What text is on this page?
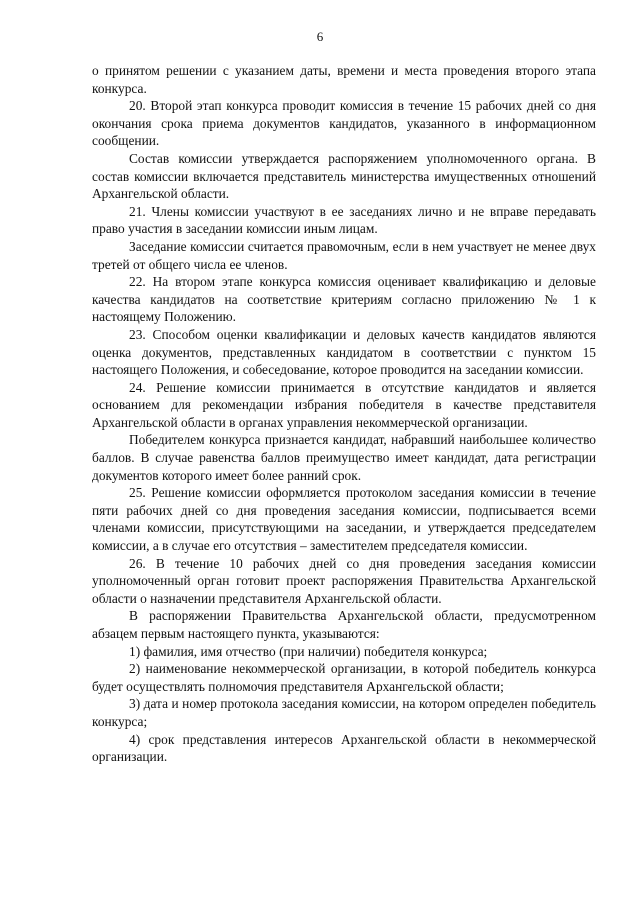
6

о принятом решении с указанием даты, времени и места проведения второго этапа конкурса.

20. Второй этап конкурса проводит комиссия в течение 15 рабочих дней со дня окончания срока приема документов кандидатов, указанного в информационном сообщении.

Состав комиссии утверждается распоряжением уполномоченного органа. В состав комиссии включается представитель министерства имущественных отношений Архангельской области.

21. Члены комиссии участвуют в ее заседаниях лично и не вправе передавать право участия в заседании комиссии иным лицам.

Заседание комиссии считается правомочным, если в нем участвует не менее двух третей от общего числа ее членов.

22. На втором этапе конкурса комиссия оценивает квалификацию и деловые качества кандидатов на соответствие критериям согласно приложению № 1 к настоящему Положению.

23. Способом оценки квалификации и деловых качеств кандидатов являются оценка документов, представленных кандидатом в соответствии с пунктом 15 настоящего Положения, и собеседование, которое проводится на заседании комиссии.

24. Решение комиссии принимается в отсутствие кандидатов и является основанием для рекомендации избрания победителя в качестве представителя Архангельской области в органах управления некоммерческой организации.

Победителем конкурса признается кандидат, набравший наибольшее количество баллов. В случае равенства баллов преимущество имеет кандидат, дата регистрации документов которого имеет более ранний срок.

25. Решение комиссии оформляется протоколом заседания комиссии в течение пяти рабочих дней со дня проведения заседания комиссии, подписывается всеми членами комиссии, присутствующими на заседании, и утверждается председателем комиссии, а в случае его отсутствия – заместителем председателя комиссии.

26. В течение 10 рабочих дней со дня проведения заседания комиссии уполномоченный орган готовит проект распоряжения Правительства Архангельской области о назначении представителя Архангельской области.

В распоряжении Правительства Архангельской области, предусмотренном абзацем первым настоящего пункта, указываются:

1) фамилия, имя отчество (при наличии) победителя конкурса;

2) наименование некоммерческой организации, в которой победитель конкурса будет осуществлять полномочия представителя Архангельской области;

3) дата и номер протокола заседания комиссии, на котором определен победитель конкурса;

4) срок представления интересов Архангельской области в некоммерческой организации.
